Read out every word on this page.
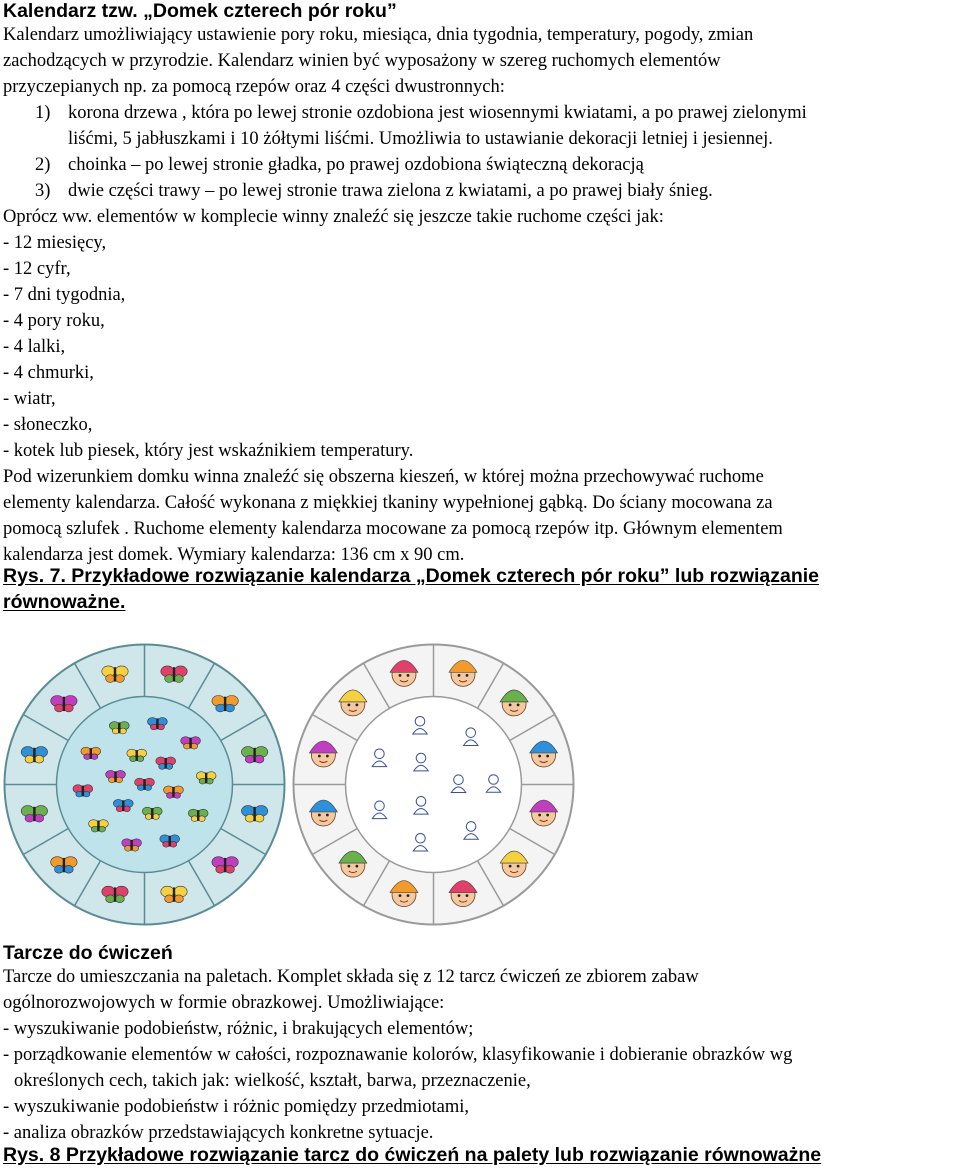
Kalendarz tzw. „Domek czterech pór roku”
Kalendarz umożliwiający ustawienie pory roku, miesiąca, dnia tygodnia, temperatury, pogody, zmian
zachodzących w przyrodzie. Kalendarz winien być wyposażony w szereg ruchomych elementów
przyczepianych np. za pomocą rzepów oraz 4 części dwustronnych:
1) korona drzewa , która po lewej stronie ozdobiona jest wiosennymi kwiatami, a po prawej zielonymi
liśćmi, 5 jabłuszkami i 10 żółtymi liśćmi. Umożliwia to ustawianie dekoracji letniej i jesiennej.
2) choinka – po lewej stronie gładka, po prawej ozdobiona świąteczną dekoracją
3) dwie części trawy – po lewej stronie trawa zielona z kwiatami, a po prawej biały śnieg.
Oprócz ww. elementów w komplecie winny znaleźć się jeszcze takie ruchome części jak:
- 12 miesięcy,
- 12 cyfr,
- 7 dni tygodnia,
- 4 pory roku,
- 4 lalki,
- 4 chmurki,
- wiatr,
- słoneczko,
- kotek lub piesek, który jest wskaźnikiem temperatury.
Pod wizerunkiem domku winna znaleźć się obszerna kieszeń, w której można przechowywać ruchome
elementy kalendarza. Całość wykonana z miękkiej tkaniny wypełnionej gąbką. Do ściany mocowana za
pomocą szlufek . Ruchome elementy kalendarza mocowane za pomocą rzepów itp. Głównym elementem
kalendarza jest domek. Wymiary kalendarza: 136 cm x 90 cm.
Rys. 7. Przykładowe rozwiązanie kalendarza „Domek czterech pór roku” lub rozwiązanie
równoważne.
Tarcze do ćwiczeń
Tarcze do umieszczania na paletach. Komplet składa się z 12 tarcz ćwiczeń ze zbiorem zabaw
ogólnorozwojowych w formie obrazkowej. Umożliwiające:
- wyszukiwanie podobieństw, różnic, i brakujących elementów;
- porządkowanie elementów w całości, rozpoznawanie kolorów, klasyfikowanie i dobieranie obrazków wg
określonych cech, takich jak: wielkość, kształt, barwa, przeznaczenie,
- wyszukiwanie podobieństw i różnic pomiędzy przedmiotami,
- analiza obrazków przedstawiających konkretne sytuacje.
Rys. 8 Przykładowe rozwiązanie tarcz do ćwiczeń na palety lub rozwiązanie równoważne
